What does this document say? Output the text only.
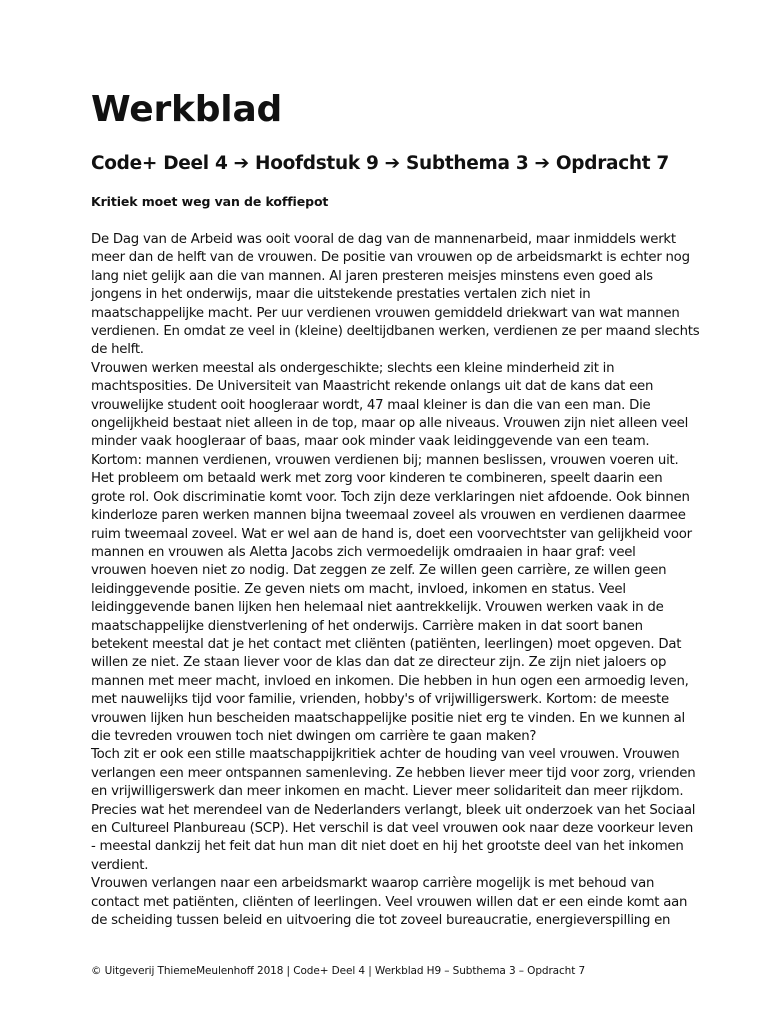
Werkblad
Code+ Deel 4 ➔ Hoofdstuk 9 ➔ Subthema 3 ➔ Opdracht 7
Kritiek moet weg van de koffiepot

De Dag van de Arbeid was ooit vooral de dag van de mannenarbeid, maar inmiddels werkt

meer dan de helft van de vrouwen. De positie van vrouwen op de arbeidsmarkt is echter nog

lang niet gelijk aan die van mannen. Al jaren presteren meisjes minstens even goed als

jongens in het onderwijs, maar die uitstekende prestaties vertalen zich niet in

maatschappelijke macht. Per uur verdienen vrouwen gemiddeld driekwart van wat mannen

verdienen. En omdat ze veel in (kleine) deeltijdbanen werken, verdienen ze per maand slechts

de helft.

Vrouwen werken meestal als ondergeschikte; slechts een kleine minderheid zit in

machtsposities. De Universiteit van Maastricht rekende onlangs uit dat de kans dat een

vrouwelijke student ooit hoogleraar wordt, 47 maal kleiner is dan die van een man. Die

ongelijkheid bestaat niet alleen in de top, maar op alle niveaus. Vrouwen zijn niet alleen veel

minder vaak hoogleraar of baas, maar ook minder vaak leidinggevende van een team.

Kortom: mannen verdienen, vrouwen verdienen bij; mannen beslissen, vrouwen voeren uit.

Het probleem om betaald werk met zorg voor kinderen te combineren, speelt daarin een

grote rol. Ook discriminatie komt voor. Toch zijn deze verklaringen niet afdoende. Ook binnen

kinderloze paren werken mannen bijna tweemaal zoveel als vrouwen en verdienen daarmee

ruim tweemaal zoveel. Wat er wel aan de hand is, doet een voorvechtster van gelijkheid voor

mannen en vrouwen als Aletta Jacobs zich vermoedelijk omdraaien in haar graf: veel

vrouwen hoeven niet zo nodig. Dat zeggen ze zelf. Ze willen geen carrière, ze willen geen

leidinggevende positie. Ze geven niets om macht, invloed, inkomen en status. Veel

leidinggevende banen lijken hen helemaal niet aantrekkelijk. Vrouwen werken vaak in de

maatschappelijke dienstverlening of het onderwijs. Carrière maken in dat soort banen

betekent meestal dat je het contact met cliënten (patiënten, leerlingen) moet opgeven. Dat

willen ze niet. Ze staan liever voor de klas dan dat ze directeur zijn. Ze zijn niet jaloers op

mannen met meer macht, invloed en inkomen. Die hebben in hun ogen een armoedig leven,

met nauwelijks tijd voor familie, vrienden, hobby's of vrijwilligerswerk. Kortom: de meeste

vrouwen lijken hun bescheiden maatschappelijke positie niet erg te vinden. En we kunnen al

die tevreden vrouwen toch niet dwingen om carrière te gaan maken?

Toch zit er ook een stille maatschappijkritiek achter de houding van veel vrouwen. Vrouwen

verlangen een meer ontspannen samenleving. Ze hebben liever meer tijd voor zorg, vrienden

en vrijwilligerswerk dan meer inkomen en macht. Liever meer solidariteit dan meer rijkdom.

Precies wat het merendeel van de Nederlanders verlangt, bleek uit onderzoek van het Sociaal

en Cultureel Planbureau (SCP). Het verschil is dat veel vrouwen ook naar deze voorkeur leven

- meestal dankzij het feit dat hun man dit niet doet en hij het grootste deel van het inkomen

verdient.

Vrouwen verlangen naar een arbeidsmarkt waarop carrière mogelijk is met behoud van

contact met patiënten, cliënten of leerlingen. Veel vrouwen willen dat er een einde komt aan

de scheiding tussen beleid en uitvoering die tot zoveel bureaucratie, energieverspilling en

© Uitgeverij ThiemeMeulenhoff 2018 | Code+ Deel 4 | Werkblad H9 – Subthema 3 – Opdracht 7
